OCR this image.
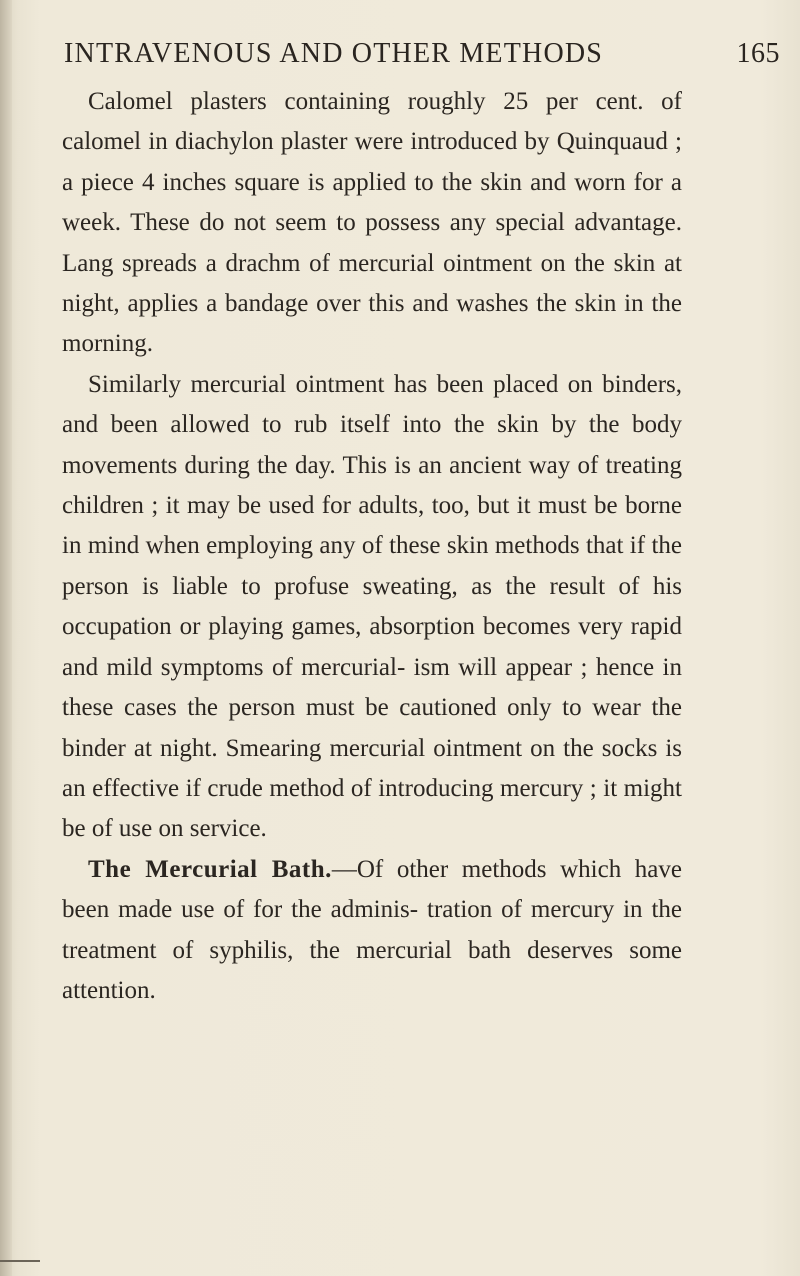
INTRAVENOUS AND OTHER METHODS	165

Calomel plasters containing roughly 25 per cent. of calomel in diachylon plaster were introduced by Quinquaud ; a piece 4 inches square is applied to the skin and worn for a week. These do not seem to possess any special advantage. Lang spreads a drachm of mercurial ointment on the skin at night, applies a bandage over this and washes the skin in the morning.

Similarly mercurial ointment has been placed on binders, and been allowed to rub itself into the skin by the body movements during the day. This is an ancient way of treating children ; it may be used for adults, too, but it must be borne in mind when employing any of these skin methods that if the person is liable to profuse sweating, as the result of his occupation or playing games, absorption becomes very rapid and mild symptoms of mercurial- ism will appear ; hence in these cases the person must be cautioned only to wear the binder at night. Smearing mercurial ointment on the socks is an effective if crude method of introducing mercury ; it might be of use on service.

The Mercurial Bath.—Of other methods which have been made use of for the adminis- tration of mercury in the treatment of syphilis, the mercurial bath deserves some attention.
